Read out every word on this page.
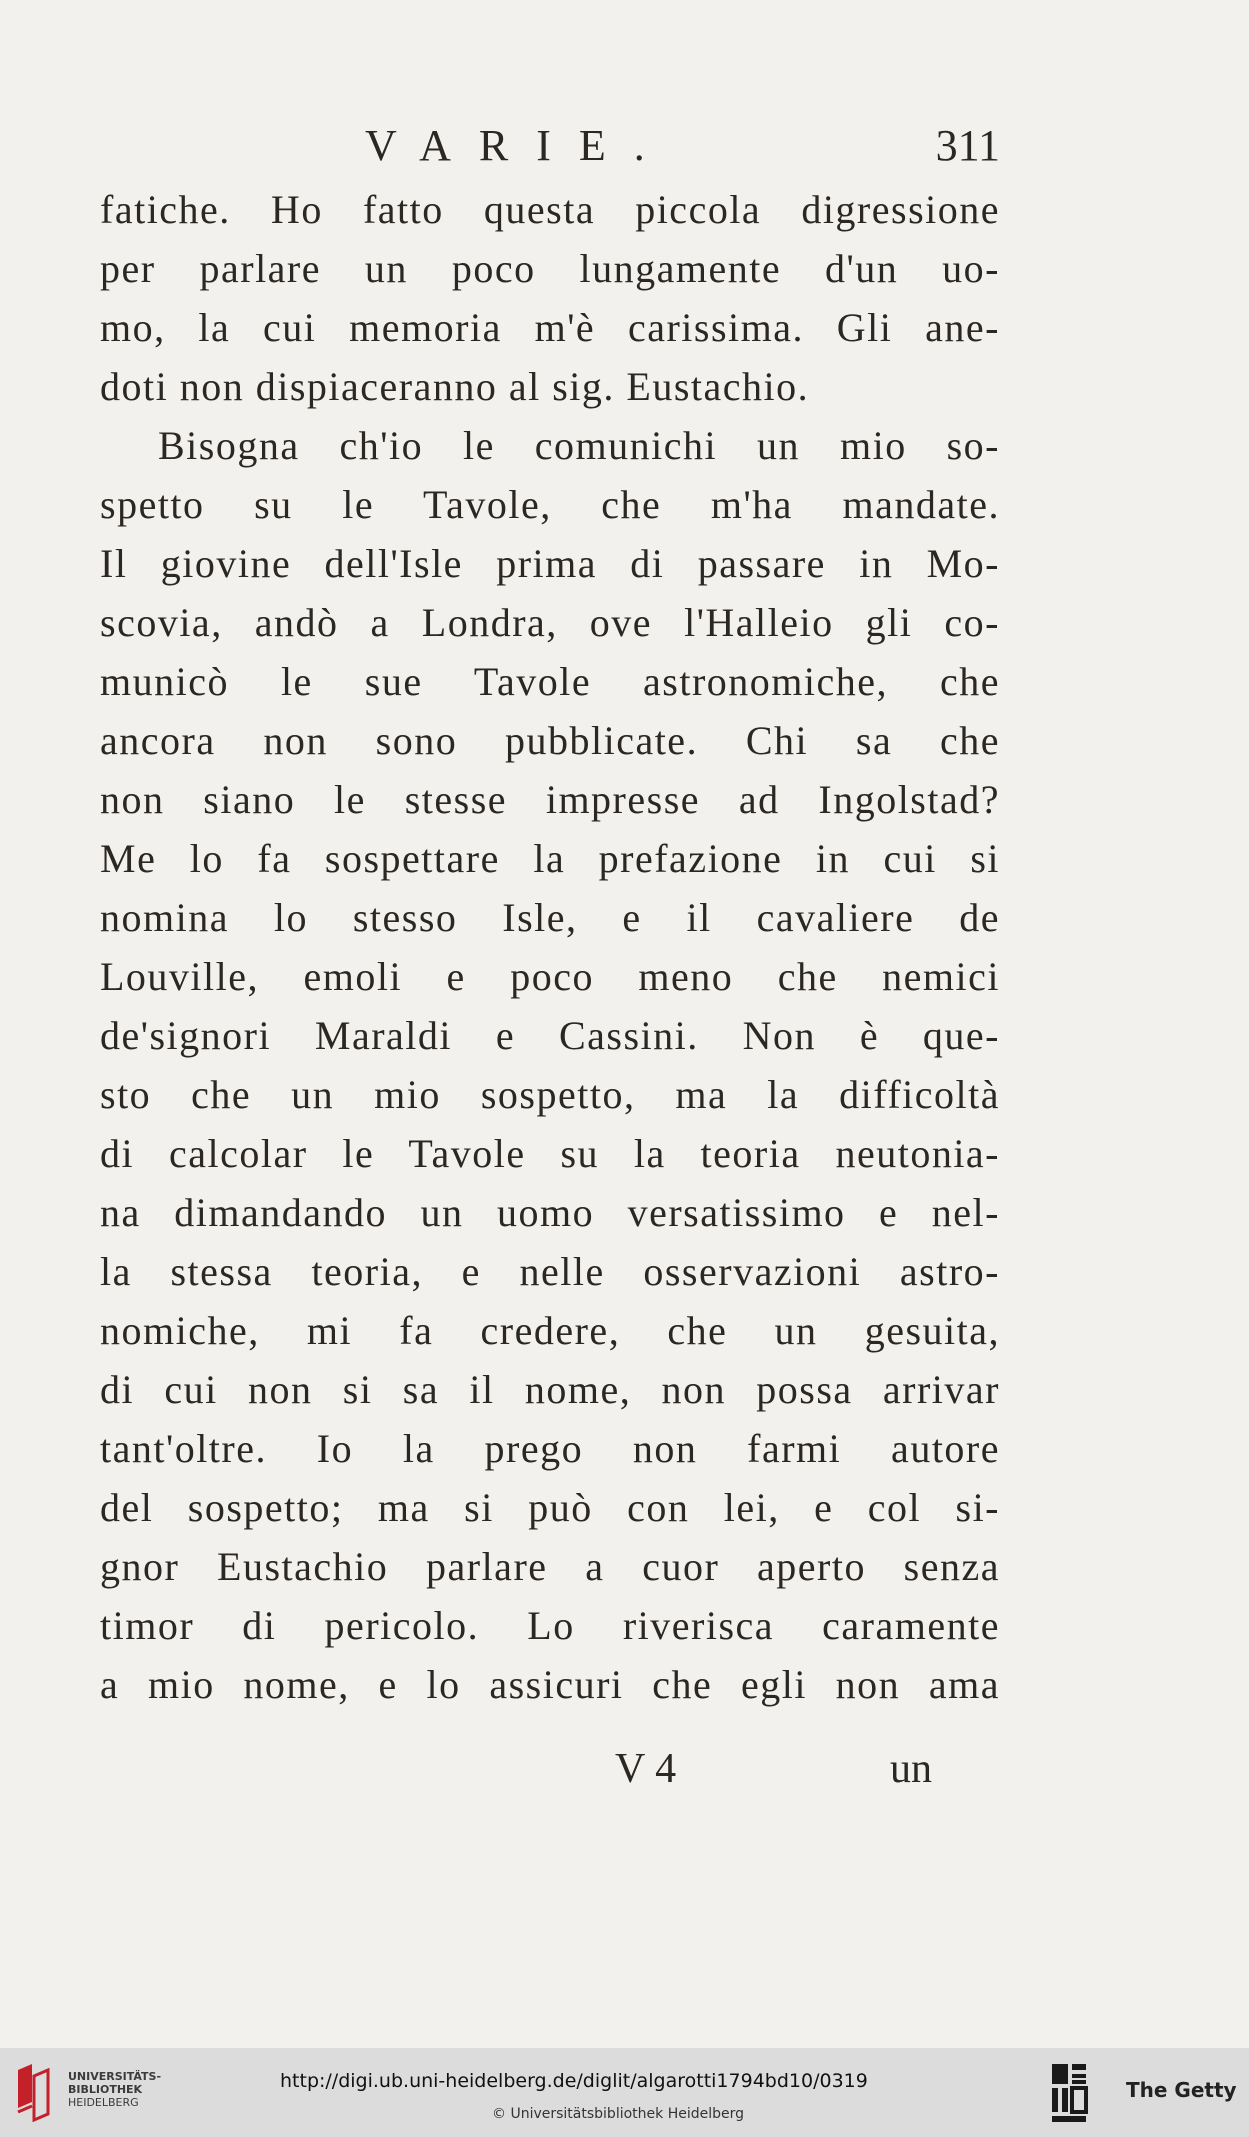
VARIE.	311
fatiche. Ho fatto questa piccola digressione
per parlare un poco lungamente d'un uo-
mo, la cui memoria m'è carissima. Gli ane-
doti non dispiaceranno al sig. Eustachio.
Bisogna ch'io le comunichi un mio so-
spetto su le Tavole, che m'ha mandate.
Il giovine dell'Isle prima di passare in Mo-
scovia, andò a Londra, ove l'Halleio gli co-
municò le sue Tavole astronomiche, che
ancora non sono pubblicate. Chi sa che
non siano le stesse impresse ad Ingolstad?
Me lo fa sospettare la prefazione in cui si
nomina lo stesso Isle, e il cavaliere de
Louville, emoli e poco meno che nemici
de'signori Maraldi e Cassini. Non è que-
sto che un mio sospetto, ma la difficoltà
di calcolar le Tavole su la teoria neutonia-
na dimandando un uomo versatissimo e nel-
la stessa teoria, e nelle osservazioni astro-
nomiche, mi fa credere, che un gesuita,
di cui non si sa il nome, non possa arrivar
tant'oltre. Io la prego non farmi autore
del sospetto; ma si può con lei, e col si-
gnor Eustachio parlare a cuor aperto senza
timor di pericolo. Lo riverisca caramente
a mio nome, e lo assicuri che egli non ama
V 4	un
UNIVERSITÄTS-
BIBLIOTHEK
HEIDELBERG
http://digi.ub.uni-heidelberg.de/diglit/algarotti1794bd10/0319
© Universitätsbibliothek Heidelberg
The Getty
